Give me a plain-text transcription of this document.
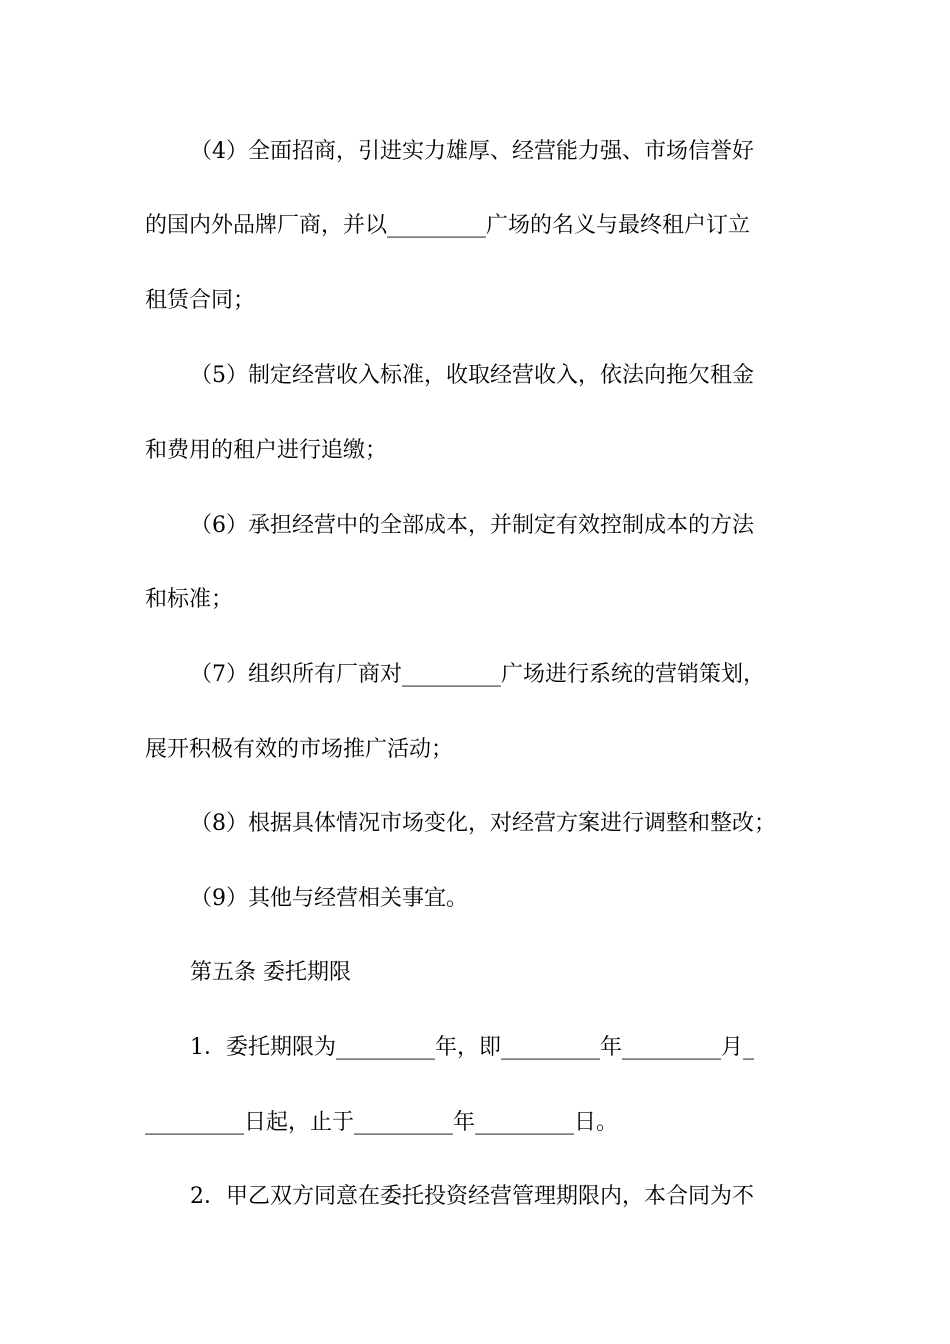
（4）全面招商，引进实力雄厚、经营能力强、市场信誉好
的国内外品牌厂商，并以_________广场的名义与最终租户订立
租赁合同；
（5）制定经营收入标准，收取经营收入，依法向拖欠租金
和费用的租户进行追缴；
（6）承担经营中的全部成本，并制定有效控制成本的方法
和标准；
（7）组织所有厂商对_________广场进行系统的营销策划，
展开积极有效的市场推广活动；
（8）根据具体情况市场变化，对经营方案进行调整和整改；
（9）其他与经营相关事宜。
第五条 委托期限
1．委托期限为_________年，即_________年_________月_
_________日起，止于_________年_________日。
2．甲乙双方同意在委托投资经营管理期限内，本合同为不
